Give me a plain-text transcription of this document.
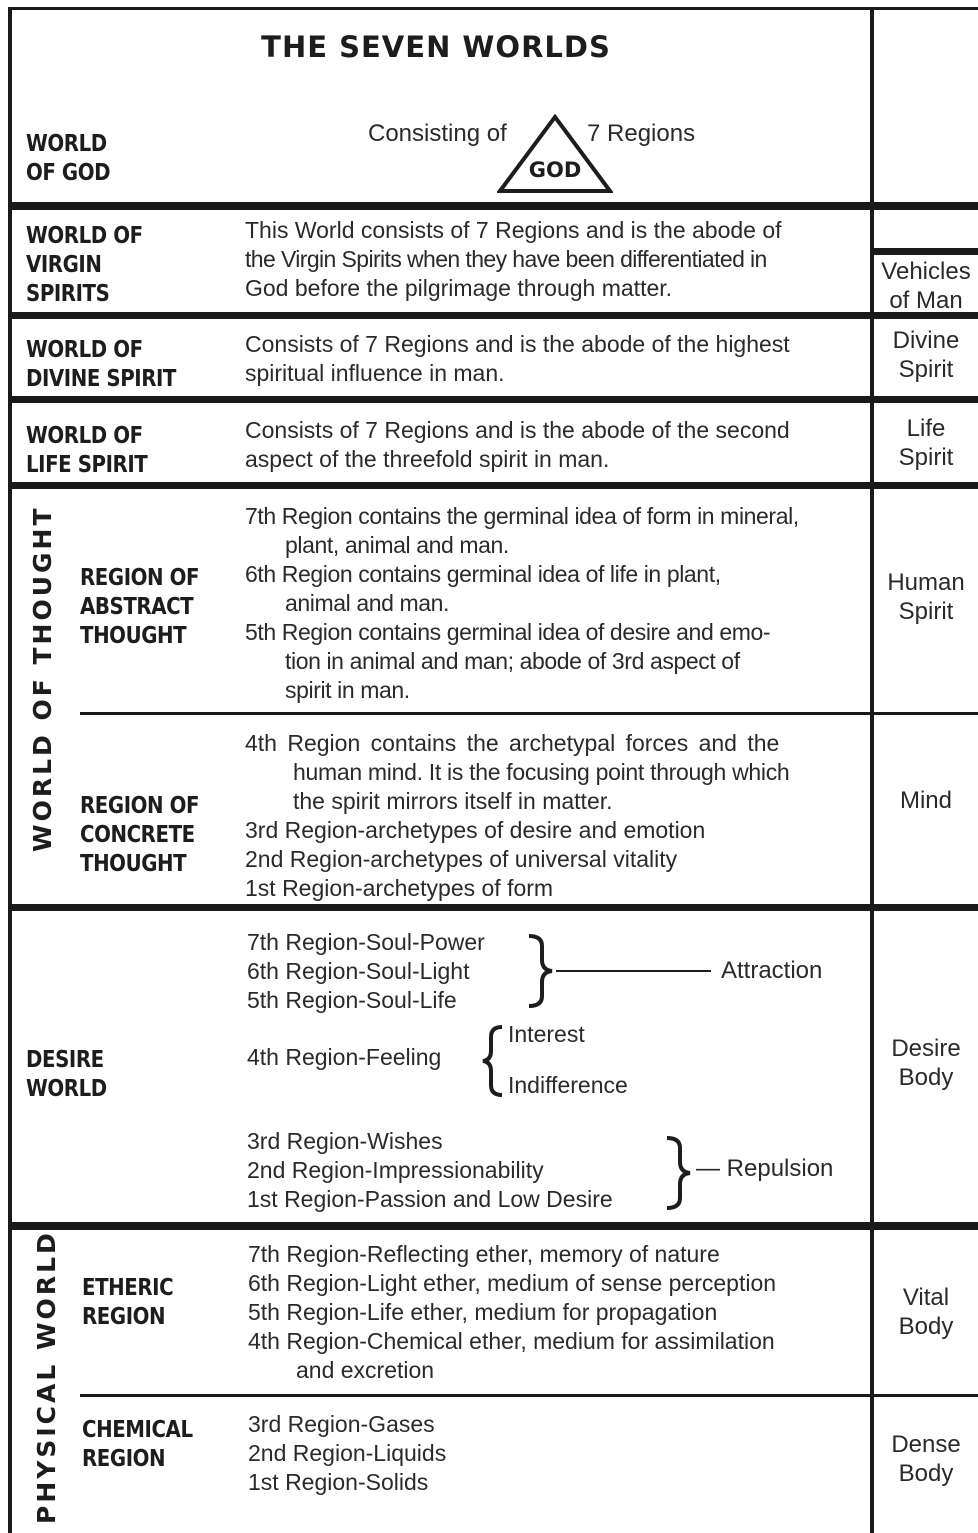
THE SEVEN WORLDS
WORLD
OF GOD
Consisting of
GOD
7 Regions
Vehicles
of Man
WORLD OF
VIRGIN
SPIRITS
This World consists of 7 Regions and is the abode of
the Virgin Spirits when they have been differentiated in
God before the pilgrimage through matter.
WORLD OF
DIVINE SPIRIT
Consists of 7 Regions and is the abode of the highest
spiritual influence in man.
Divine
Spirit
WORLD OF
LIFE SPIRIT
Consists of 7 Regions and is the abode of the second
aspect of the threefold spirit in man.
Life
Spirit
WORLD OF THOUGHT REGION OF
ABSTRACT
THOUGHT
7th Region contains the germinal idea of form in mineral,
plant, animal and man.
6th Region contains germinal idea of life in plant,
animal and man.
5th Region contains germinal idea of desire and emo-
tion in animal and man; abode of 3rd aspect of
spirit in man.
Human
Spirit
REGION OF
CONCRETE
THOUGHT
4th Region contains the archetypal forces and the
human mind. It is the focusing point through which
the spirit mirrors itself in matter.
3rd Region-archetypes of desire and emotion
2nd Region-archetypes of universal vitality
1st Region-archetypes of form
Mind
DESIRE
WORLD
7th Region-Soul-Power
6th Region-Soul-Light
5th Region-Soul-Life
Attraction
4th Region-Feeling
Interest
Indifference
3rd Region-Wishes
2nd Region-Impressionability
1st Region-Passion and Low Desire
— Repulsion
Desire
Body
PHYSICAL WORLD ETHERIC
REGION
7th Region-Reflecting ether, memory of nature
6th Region-Light ether, medium of sense perception
5th Region-Life ether, medium for propagation
4th Region-Chemical ether, medium for assimilation
and excretion
Vital
Body
CHEMICAL
REGION
3rd Region-Gases
2nd Region-Liquids
1st Region-Solids
Dense
Body
